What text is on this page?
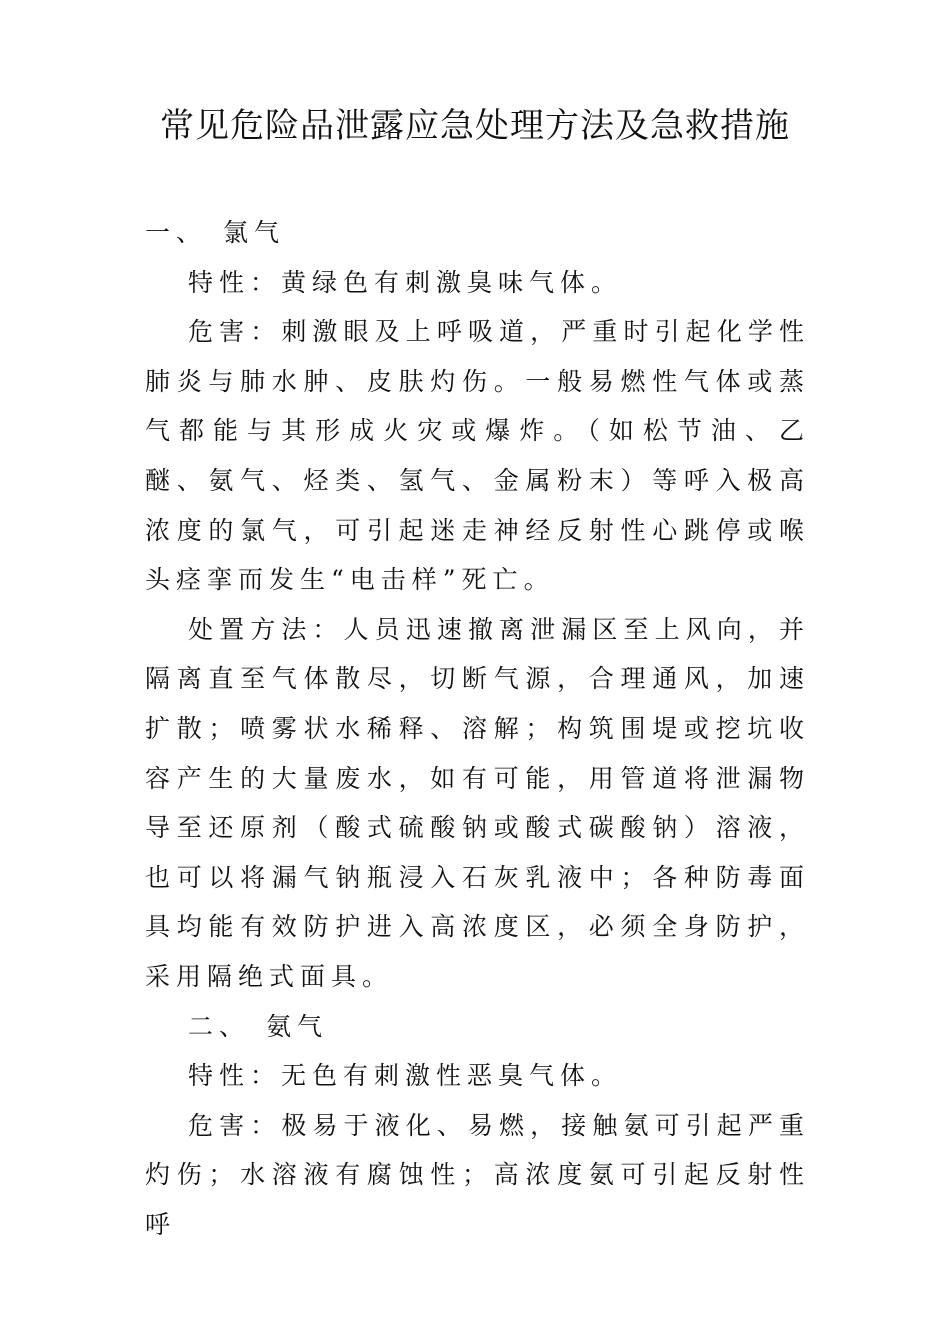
常见危险品泄露应急处理方法及急救措施

一、 氯气

特性：黄绿色有刺激臭味气体。

危害：刺激眼及上呼吸道，严重时引起化学性肺炎与肺水肿、皮肤灼伤。一般易燃性气体或蒸气都能与其形成火灾或爆炸。（如松节油、乙醚、氨气、烃类、氢气、金属粉末）等呼入极高浓度的氯气，可引起迷走神经反射性心跳停或喉头痉挛而发生“电击样”死亡。

处置方法：人员迅速撤离泄漏区至上风向，并隔离直至气体散尽，切断气源，合理通风，加速扩散；喷雾状水稀释、溶解；构筑围堤或挖坑收容产生的大量废水，如有可能，用管道将泄漏物导至还原剂（酸式硫酸钠或酸式碳酸钠）溶液，也可以将漏气钠瓶浸入石灰乳液中；各种防毒面具均能有效防护进入高浓度区，必须全身防护，采用隔绝式面具。

二、 氨气

特性：无色有刺激性恶臭气体。

危害：极易于液化、易燃，接触氨可引起严重灼伤；水溶液有腐蚀性；高浓度氨可引起反射性呼
